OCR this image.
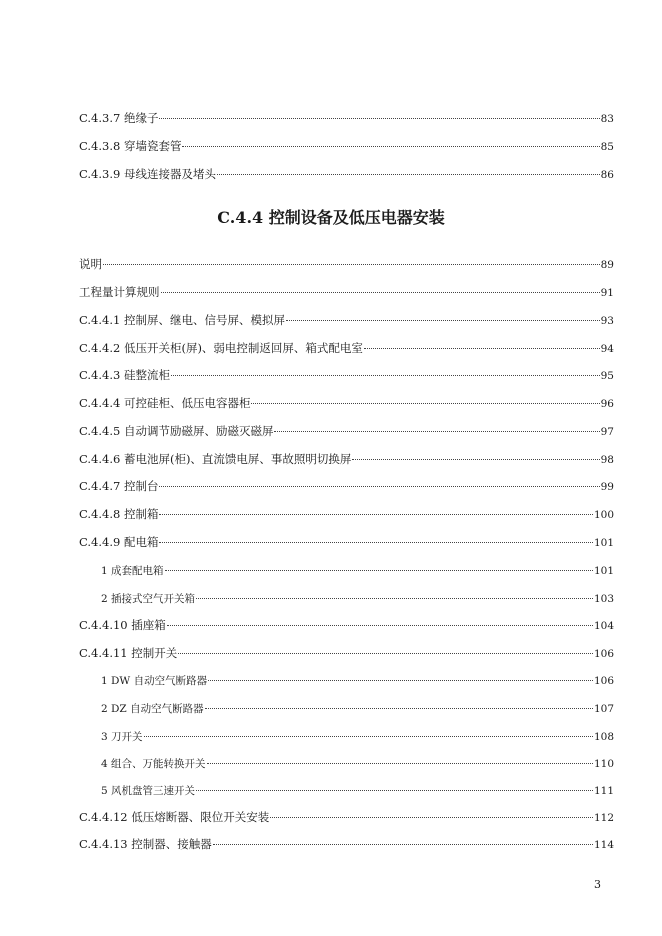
C.4.3.7 绝缘子	83
C.4.3.8 穿墙瓷套管	85
C.4.3.9 母线连接器及堵头	86
C.4.4 控制设备及低压电器安装
说明	89
工程量计算规则	91
C.4.4.1 控制屏、继电、信号屏、模拟屏	93
C.4.4.2 低压开关柜(屏)、弱电控制返回屏、箱式配电室	94
C.4.4.3 硅整流柜	95
C.4.4.4 可控硅柜、低压电容器柜	96
C.4.4.5 自动调节励磁屏、励磁灭磁屏	97
C.4.4.6 蓄电池屏(柜)、直流馈电屏、事故照明切换屏	98
C.4.4.7 控制台	99
C.4.4.8 控制箱	100
C.4.4.9 配电箱	101
1 成套配电箱	101
2 插接式空气开关箱	103
C.4.4.10 插座箱	104
C.4.4.11 控制开关	106
1 DW 自动空气断路器	106
2 DZ 自动空气断路器	107
3 刀开关	108
4 组合、万能转换开关	110
5 风机盘管三速开关	111
C.4.4.12 低压熔断器、限位开关安装	112
C.4.4.13 控制器、接触器	114
3
